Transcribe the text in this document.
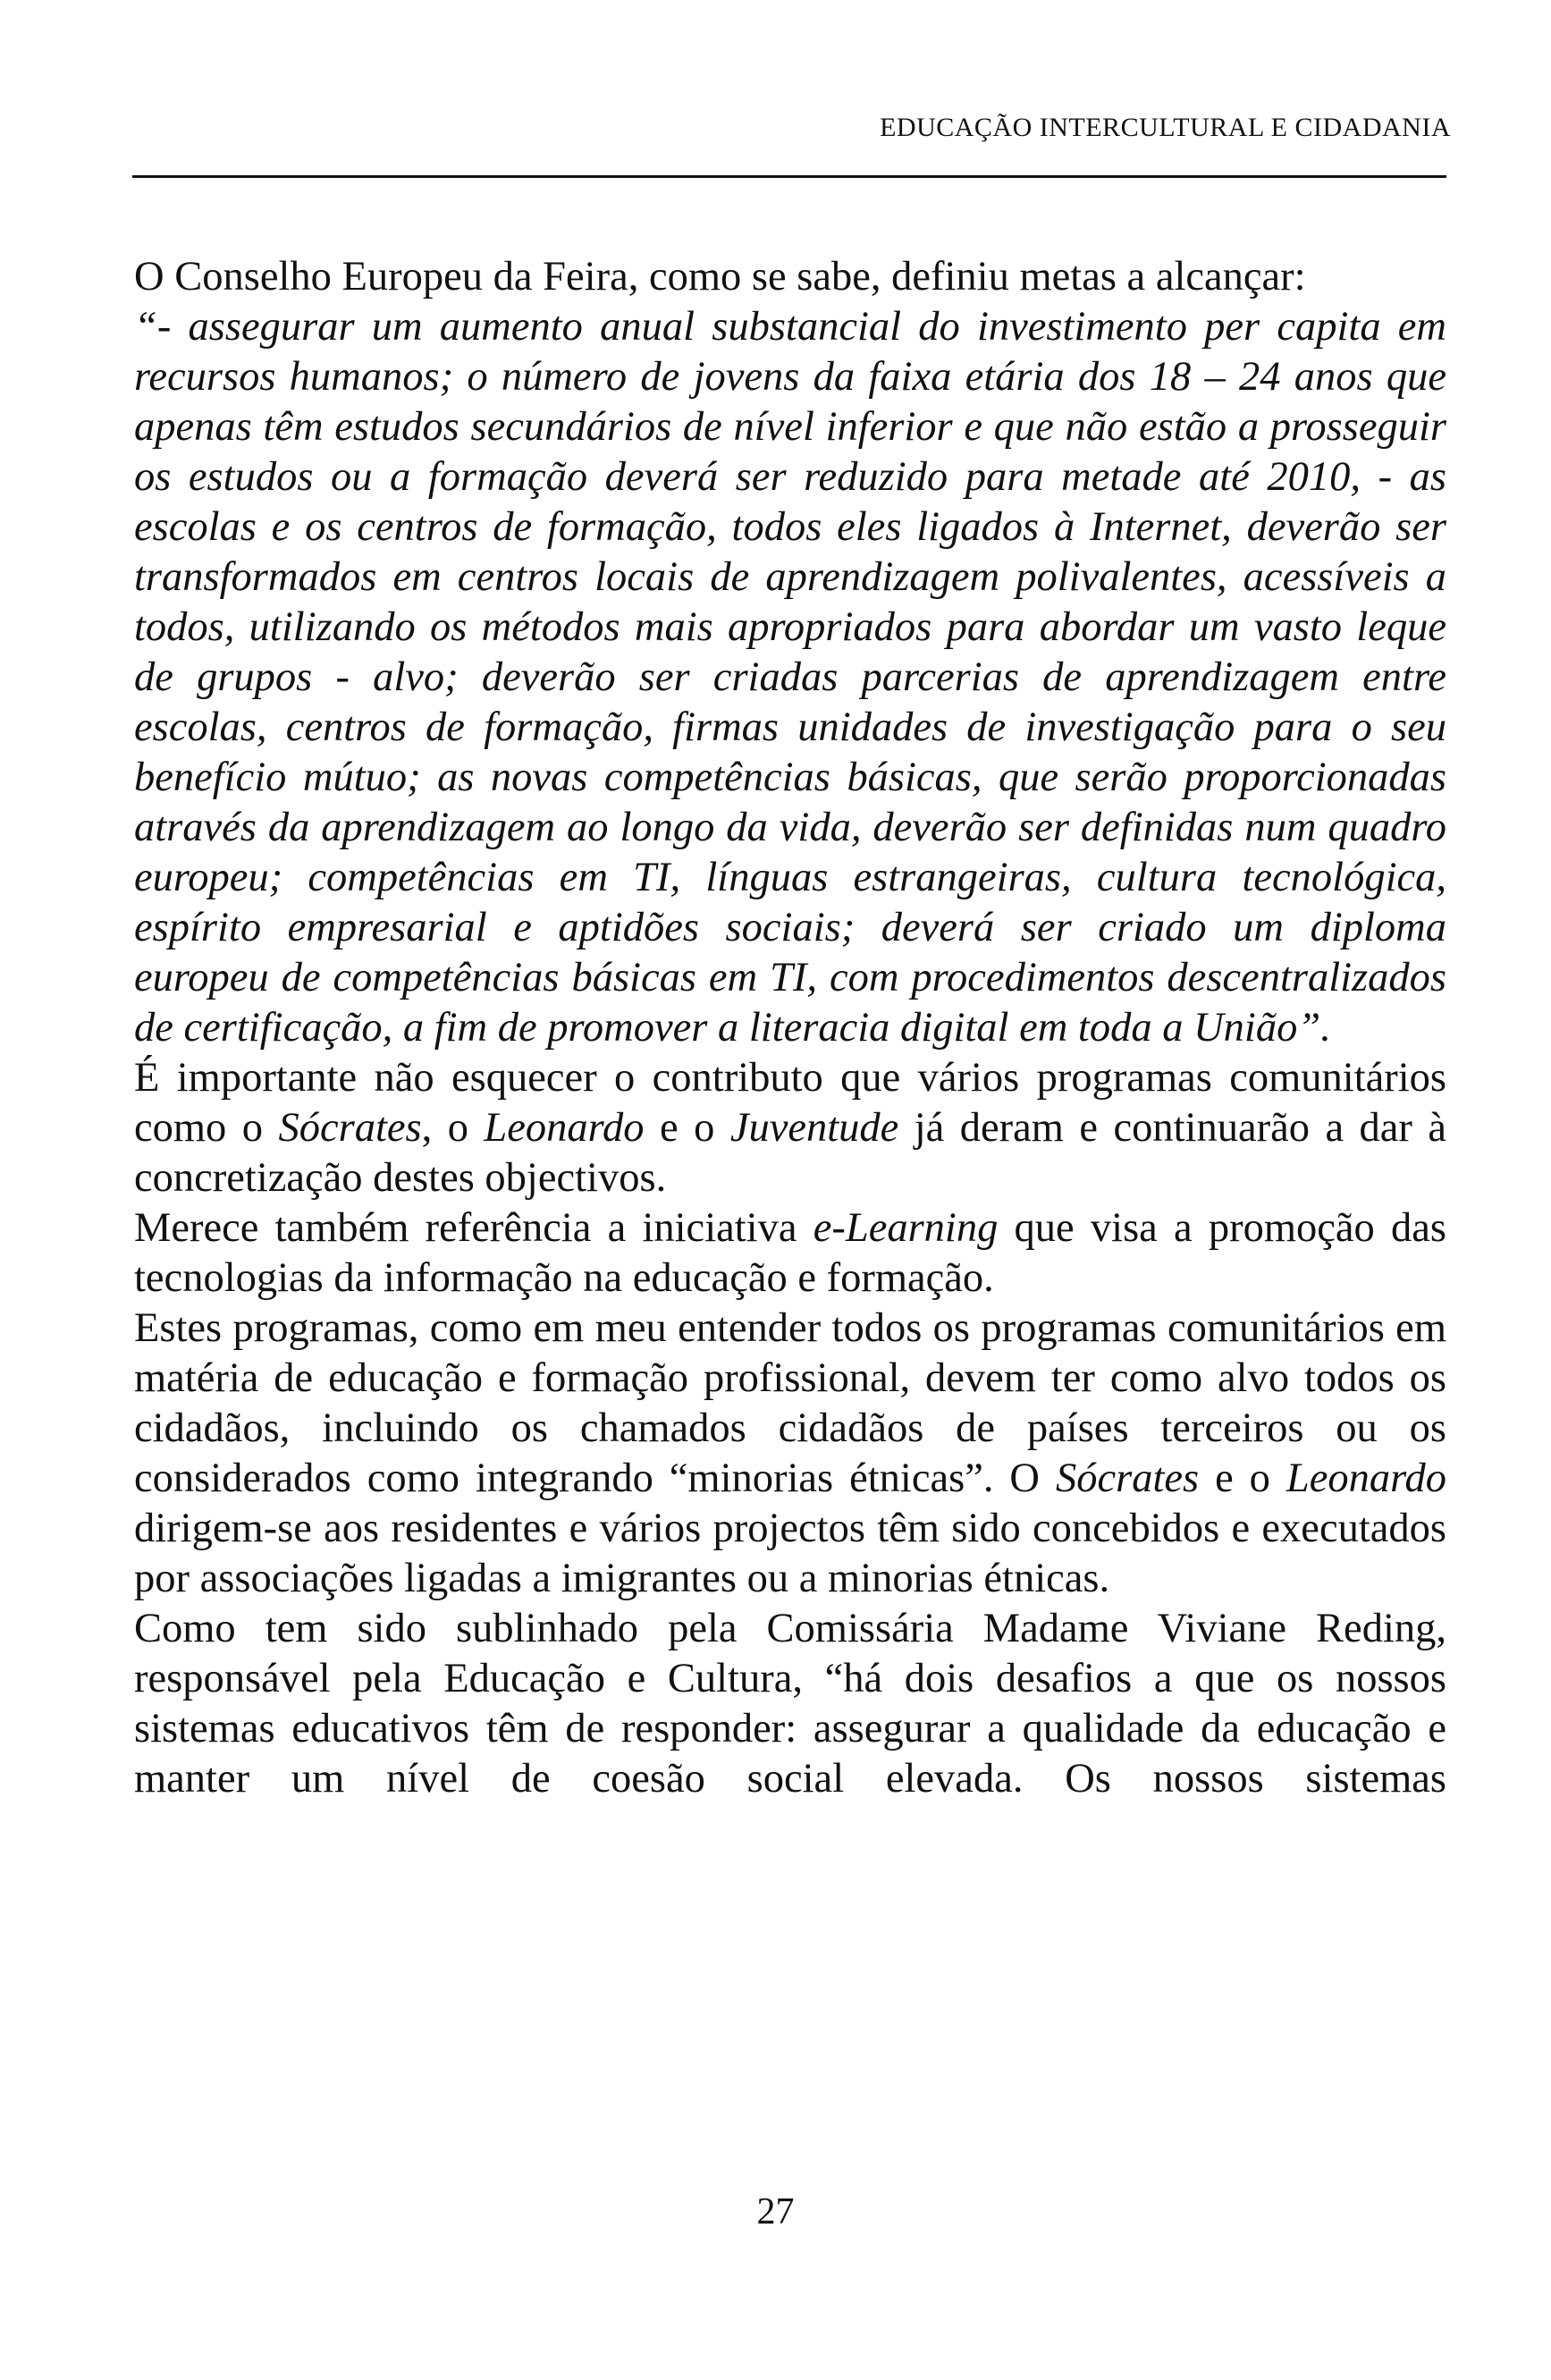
EDUCAÇÃO INTERCULTURAL E CIDADANIA

O Conselho Europeu da Feira, como se sabe, definiu metas a alcançar:

“- assegurar um aumento anual substancial do investimento per capita em recursos humanos; o número de jovens da faixa etária dos 18 – 24 anos que apenas têm estudos secundários de nível inferior e que não estão a prosseguir os estudos ou a formação deverá ser reduzido para metade até 2010, - as escolas e os centros de formação, todos eles ligados à Internet, deverão ser transformados em centros locais de aprendizagem polivalentes, acessíveis a todos, utilizando os métodos mais apropriados para abordar um vasto leque de grupos - alvo; deverão ser criadas parcerias de aprendizagem entre escolas, centros de formação, firmas unidades de investigação para o seu benefício mútuo; as novas competências básicas, que serão proporcionadas através da aprendizagem ao longo da vida, deverão ser definidas num quadro europeu; competências em TI, línguas estrangeiras, cultura tecnológica, espírito empresarial e aptidões sociais; deverá ser criado um diploma europeu de competências básicas em TI, com procedimentos descentralizados de certificação, a fim de promover a literacia digital em toda a União”.

É importante não esquecer o contributo que vários programas comunitários como o Sócrates, o Leonardo e o Juventude já deram e continuarão a dar à concretização destes objectivos.

Merece também referência a iniciativa e-Learning que visa a promoção das tecnologias da informação na educação e formação.

Estes programas, como em meu entender todos os programas comunitários em matéria de educação e formação profissional, devem ter como alvo todos os cidadãos, incluindo os chamados cidadãos de países terceiros ou os considerados como integrando “minorias étnicas”. O Sócrates e o Leonardo dirigem-se aos residentes e vários projectos têm sido concebidos e executados por associações ligadas a imigrantes ou a minorias étnicas.

Como tem sido sublinhado pela Comissária Madame Viviane Reding, responsável pela Educação e Cultura, “há dois desafios a que os nossos sistemas educativos têm de responder: assegurar a qualidade da educação e manter um nível de coesão social elevada. Os nossos sistemas

27
